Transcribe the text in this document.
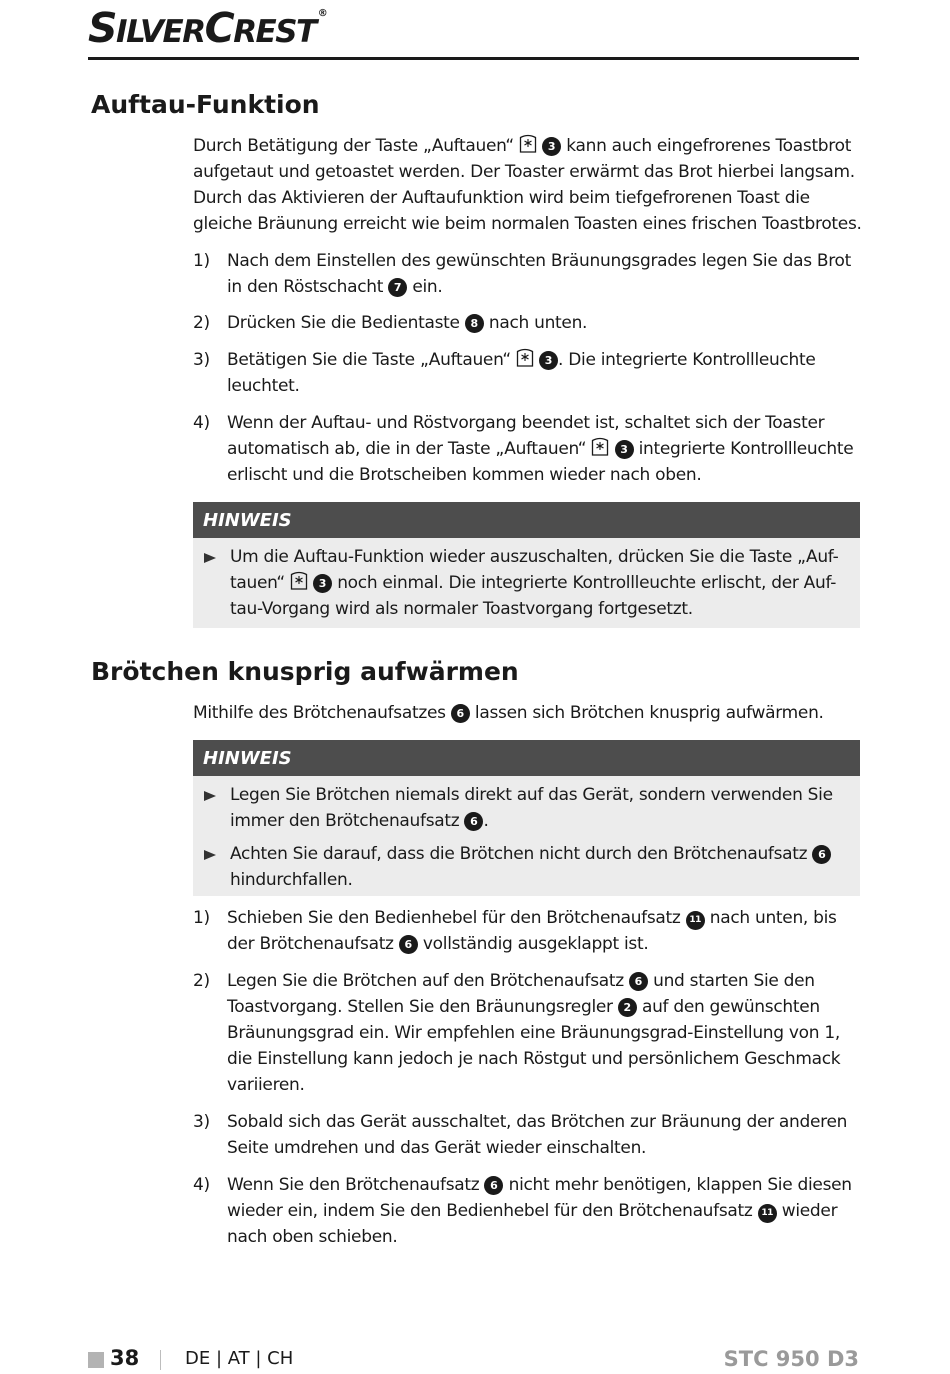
SILVERCREST®
Auftau-Funktion

Durch Betätigung der Taste „Auftauen“	3 kann auch eingefrorenes Toastbrot aufgetaut und getoastet werden. Der Toaster erwärmt das Brot hierbei langsam. Durch das Aktivieren der Auftaufunktion wird beim tiefgefrorenen Toast die gleiche Bräunung erreicht wie beim normalen Toasten eines frischen Toastbrotes.

1) Nach dem Einstellen des gewünschten Bräunungsgrades legen Sie das Brot in den Röstschacht 7 ein.
2) Drücken Sie die Bedientaste 8 nach unten.
3) Betätigen Sie die Taste „Auftauen“	3 . Die integrierte Kontrollleuchte leuchtet.
4) Wenn der Auftau- und Röstvorgang beendet ist, schaltet sich der Toaster automatisch ab, die in der Taste „Auftauen“	3 integrierte Kontrollleuchte erlischt und die Brotscheiben kommen wieder nach oben.
HINWEIS
Um die Auftau-Funktion wieder auszuschalten, drücken Sie die Taste „Auf-tauen“	3 noch einmal. Die integrierte Kontrollleuchte erlischt, der Auf-tau-Vorgang wird als normaler Toastvorgang fortgesetzt.
Brötchen knusprig aufwärmen

Mithilfe des Brötchenaufsatzes 6 lassen sich Brötchen knusprig aufwärmen.

HINWEIS
Legen Sie Brötchen niemals direkt auf das Gerät, sondern verwenden Sie immer den Brötchenaufsatz 6 .
Achten Sie darauf, dass die Brötchen nicht durch den Brötchenaufsatz 6 hindurchfallen.
1) Schieben Sie den Bedienhebel für den Brötchenaufsatz 11 nach unten, bis der Brötchenaufsatz 6 vollständig ausgeklappt ist.
2) Legen Sie die Brötchen auf den Brötchenaufsatz 6 und starten Sie den Toastvorgang. Stellen Sie den Bräunungsregler 2 auf den gewünschten Bräunungsgrad ein. Wir empfehlen eine Bräunungsgrad-Einstellung von 1, die Einstellung kann jedoch je nach Röstgut und persönlichem Geschmack variieren.
3) Sobald sich das Gerät ausschaltet, das Brötchen zur Bräunung der anderen Seite umdrehen und das Gerät wieder einschalten.
4) Wenn Sie den Brötchenaufsatz 6 nicht mehr benötigen, klappen Sie diesen wieder ein, indem Sie den Bedienhebel für den Brötchenaufsatz 11 wieder nach oben schieben.
38	DE | AT | CH	STC 950 D3
